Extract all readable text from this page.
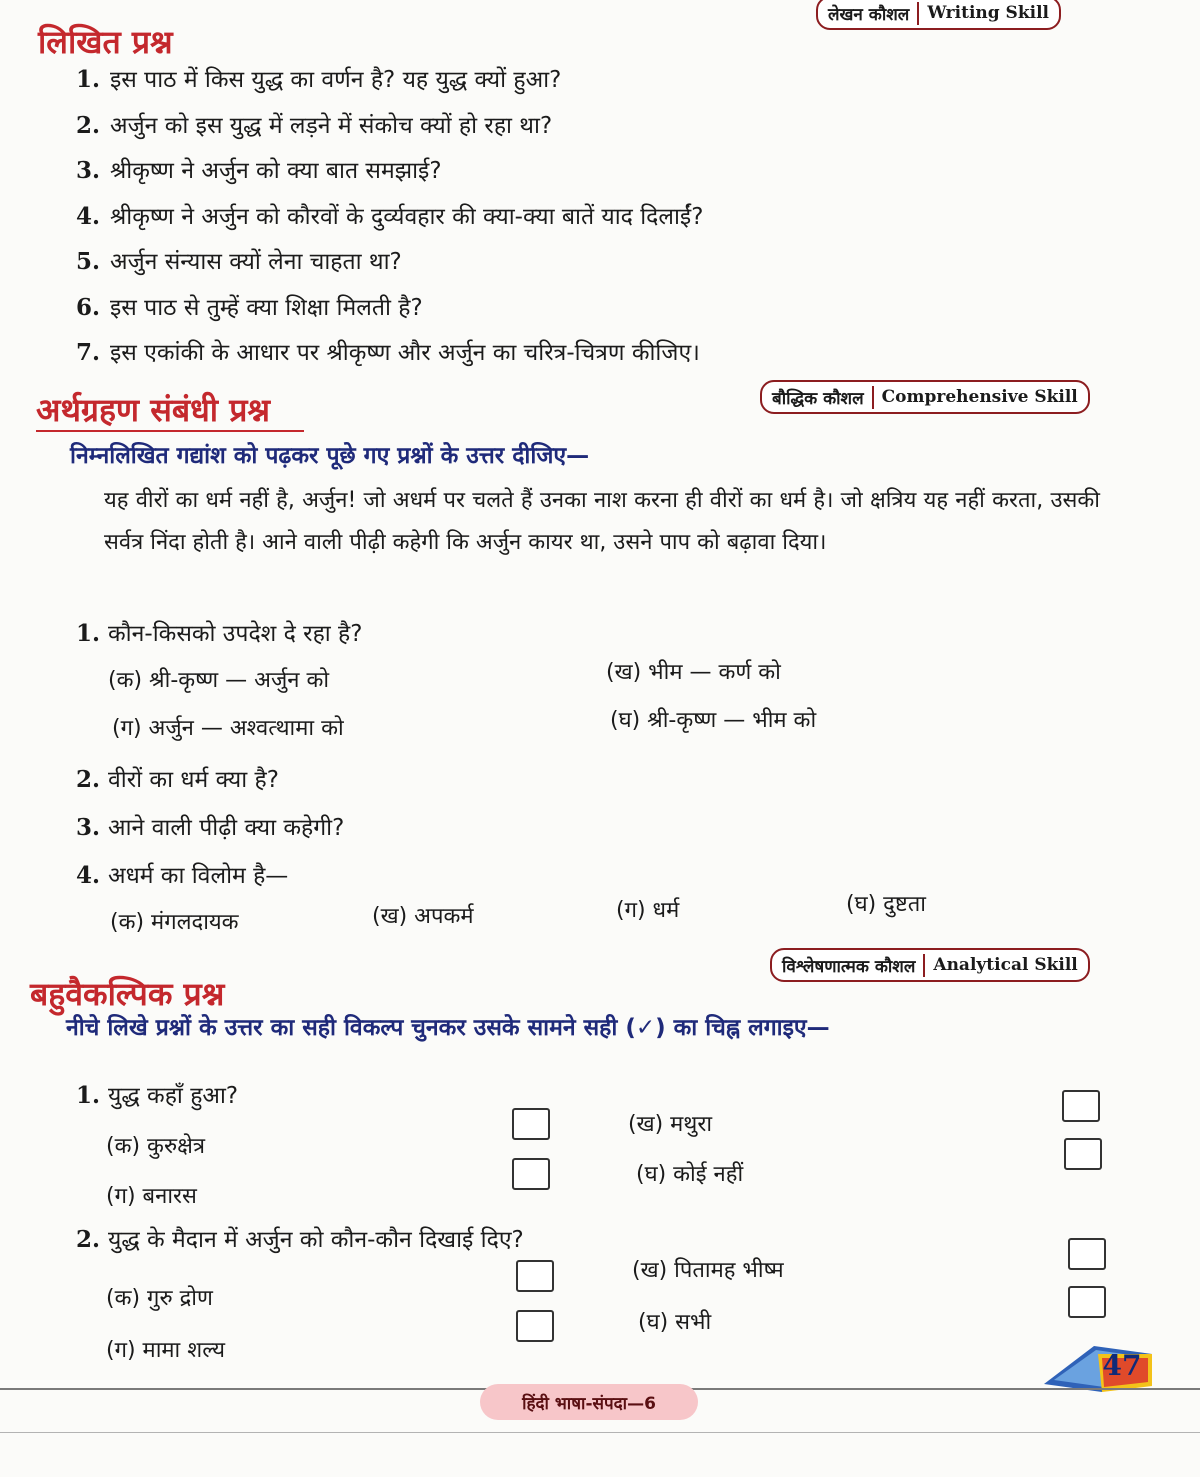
लिखित प्रश्न
लेखन कौशल	Writing Skill
1. इस पाठ में किस युद्ध का वर्णन है? यह युद्ध क्यों हुआ?
2. अर्जुन को इस युद्ध में लड़ने में संकोच क्यों हो रहा था?
3. श्रीकृष्ण ने अर्जुन को क्या बात समझाई?
4. श्रीकृष्ण ने अर्जुन को कौरवों के दुर्व्यवहार की क्या-क्या बातें याद दिलाईं?
5. अर्जुन संन्यास क्यों लेना चाहता था?
6. इस पाठ से तुम्हें क्या शिक्षा मिलती है?
7. इस एकांकी के आधार पर श्रीकृष्ण और अर्जुन का चरित्र-चित्रण कीजिए।
अर्थग्रहण संबंधी प्रश्न	बौद्धिक कौशल	Comprehensive Skill
निम्नलिखित गद्यांश को पढ़कर पूछे गए प्रश्नों के उत्तर दीजिए—
यह वीरों का धर्म नहीं है, अर्जुन! जो अधर्म पर चलते हैं उनका नाश करना ही वीरों का धर्म है। जो क्षत्रिय यह नहीं करता, उसकी सर्वत्र निंदा होती है। आने वाली पीढ़ी कहेगी कि अर्जुन कायर था, उसने पाप को बढ़ावा दिया।
1. कौन-किसको उपदेश दे रहा है?
(क) श्री-कृष्ण — अर्जुन को	(ख) भीम — कर्ण को
(ग) अर्जुन — अश्वत्थामा को	(घ) श्री-कृष्ण — भीम को
2. वीरों का धर्म क्या है?
3. आने वाली पीढ़ी क्या कहेगी?
4. अधर्म का विलोम है—
(क) मंगलदायक	(ख) अपकर्म	(ग) धर्म	(घ) दुष्टता
विश्लेषणात्मक कौशल	Analytical Skill
बहुवैकल्पिक प्रश्न
नीचे लिखे प्रश्नों के उत्तर का सही विकल्प चुनकर उसके सामने सही (✓) का चिह्न लगाइए—
1. युद्ध कहाँ हुआ?
(क) कुरुक्षेत्र
(ख) मथुरा
(ग) बनारस
(घ) कोई नहीं
2. युद्ध के मैदान में अर्जुन को कौन-कौन दिखाई दिए?
(क) गुरु द्रोण
(ख) पितामह भीष्म
(ग) मामा शल्य
(घ) सभी
47
हिंदी भाषा-संपदा—6
